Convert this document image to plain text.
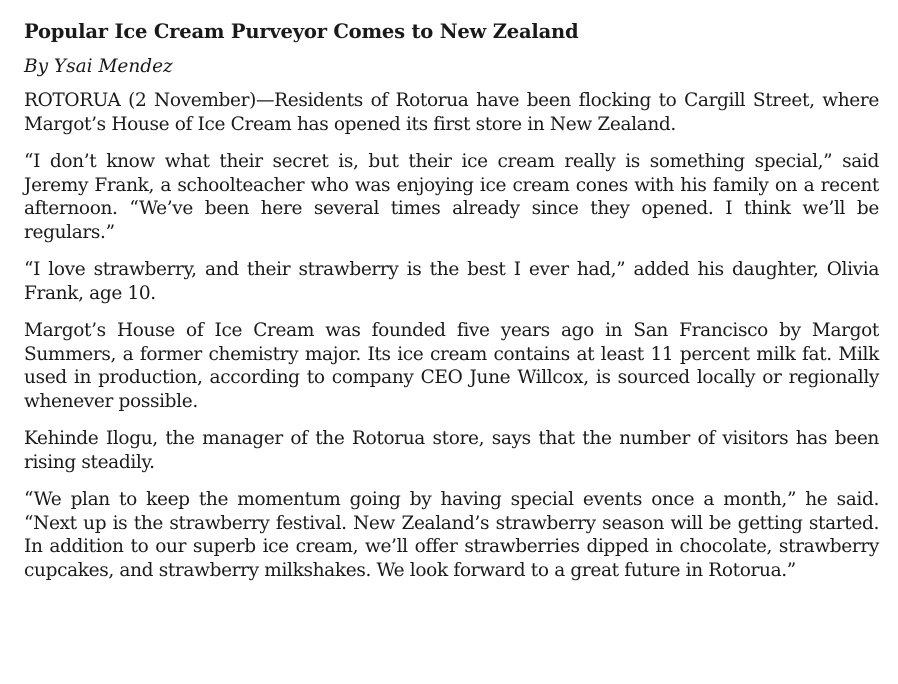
Popular Ice Cream Purveyor Comes to New Zealand
By Ysai Mendez

ROTORUA (2 November)—Residents of Rotorua have been flocking to Cargill Street, where Margot’s House of Ice Cream has opened its first store in New Zealand.

“I don’t know what their secret is, but their ice cream really is something special,” said Jeremy Frank, a schoolteacher who was enjoying ice cream cones with his family on a recent afternoon. “We’ve been here several times already since they opened. I think we’ll be regulars.”

“I love strawberry, and their strawberry is the best I ever had,” added his daughter, Olivia Frank, age 10.

Margot’s House of Ice Cream was founded five years ago in San Francisco by Margot Summers, a former chemistry major. Its ice cream contains at least 11 percent milk fat. Milk used in production, according to company CEO June Willcox, is sourced locally or regionally whenever possible.

Kehinde Ilogu, the manager of the Rotorua store, says that the number of visitors has been rising steadily.

“We plan to keep the momentum going by having special events once a month,” he said. “Next up is the strawberry festival. New Zealand’s strawberry season will be getting started. In addition to our superb ice cream, we’ll offer strawberries dipped in chocolate, strawberry cupcakes, and strawberry milkshakes. We look forward to a great future in Rotorua.”
